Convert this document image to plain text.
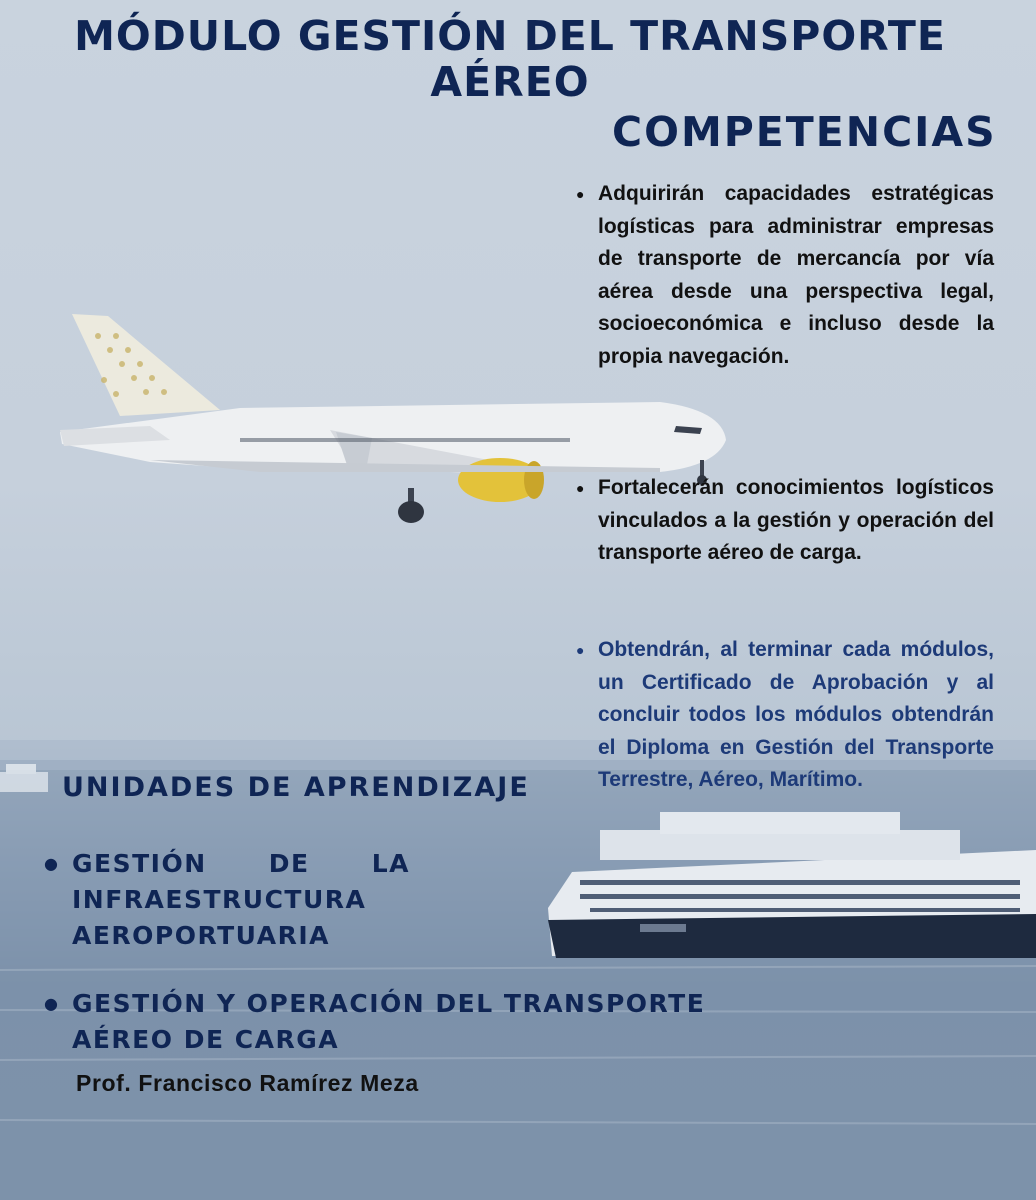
MÓDULO GESTIÓN DEL TRANSPORTE
AÉREO
COMPETENCIAS
● Adquirirán capacidades estratégicas logísticas para administrar empresas de transporte de mercancía por vía aérea desde una perspectiva legal, socioeconómica e incluso desde la propia navegación.
● Fortalecerán conocimientos logísticos vinculados a la gestión y operación del transporte aéreo de carga.
● Obtendrán, al terminar cada módulos, un Certificado de Aprobación y al concluir todos los módulos obtendrán el Diploma en Gestión del Transporte Terrestre, Aéreo, Marítimo.
UNIDADES DE APRENDIZAJE
● GESTIÓN DE LA INFRAESTRUCTURA AEROPORTUARIA
● GESTIÓN Y OPERACIÓN DEL TRANSPORTE AÉREO DE CARGA

Prof. Francisco Ramírez Meza
